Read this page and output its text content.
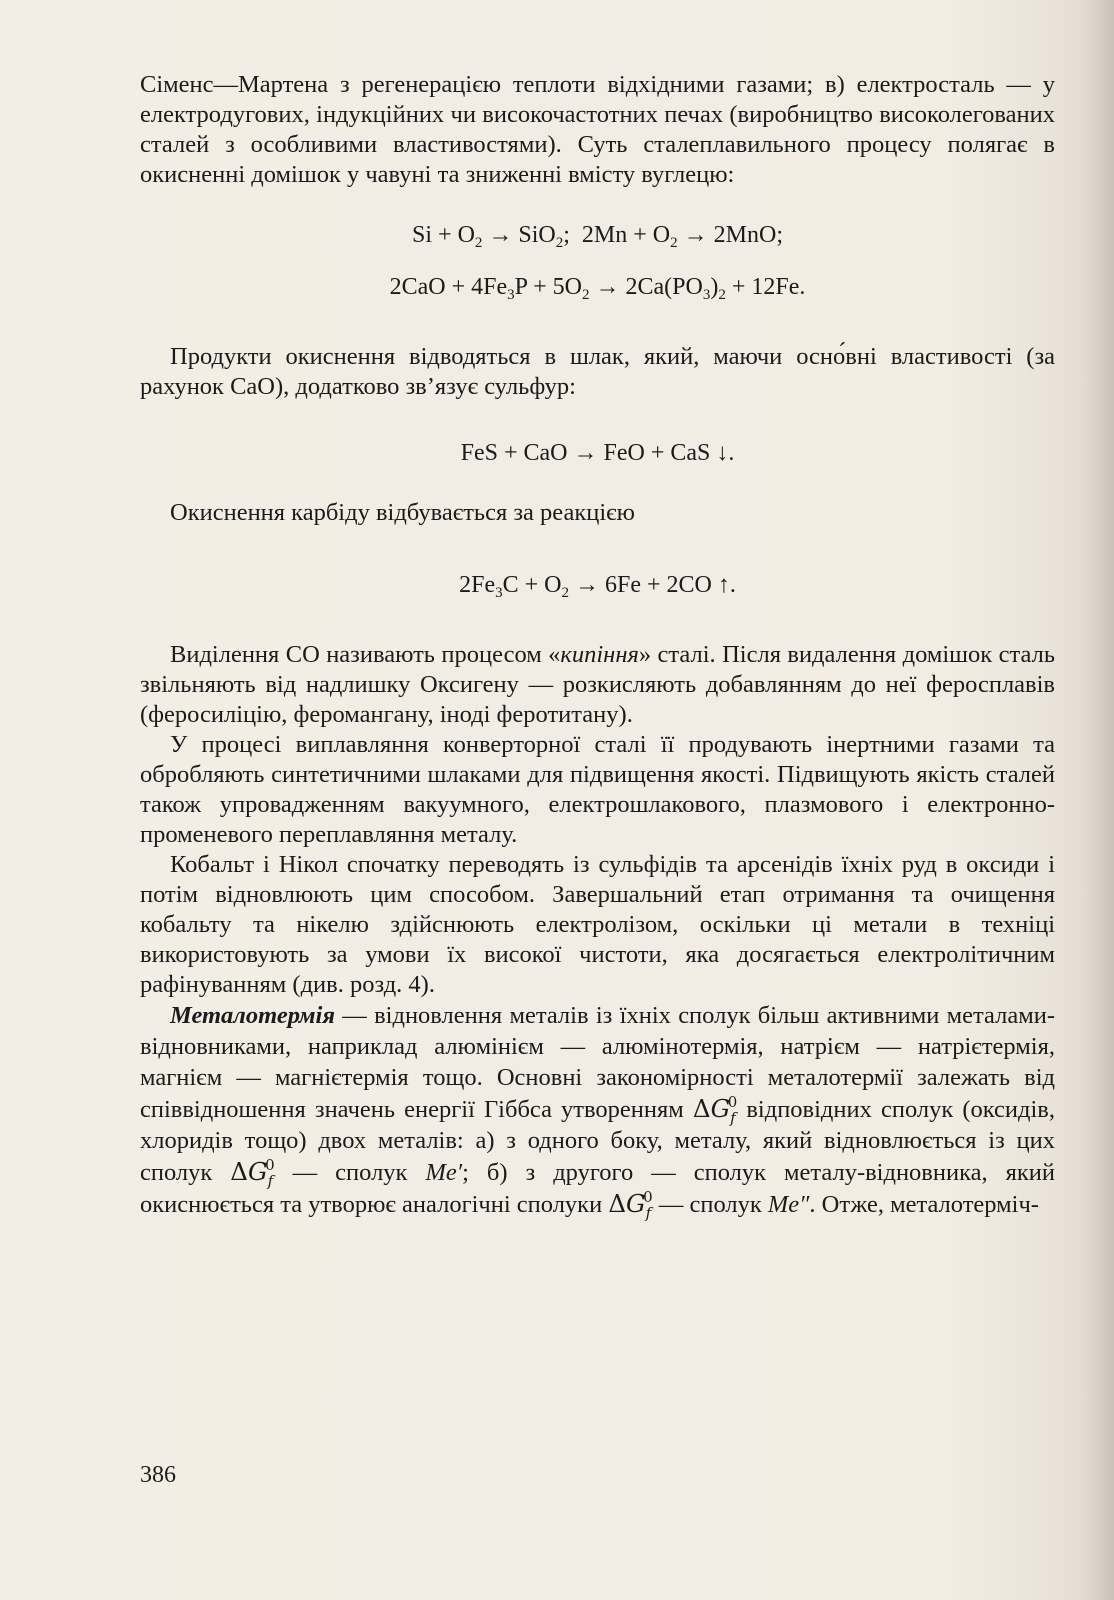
Сіменс—Мартена з регенерацією теплоти відхідними газами; в) електросталь — у електродугових, індукційних чи високочастотних печах (виробництво високолегованих сталей з особливими властивостями). Суть сталеплавильного процесу полягає в окисненні домішок у чавуні та зниженні вмісту вуглецю:

$Si + O_2 \to SiO_2$;  $2Mn + O_2 \to 2MnO$;
$2CaO + 4Fe_3P + 5O_2 \to 2Ca(PO_3)_2 + 12Fe$.

Продукти окиснення відводяться в шлак, який, маючи осно́вні властивості (за рахунок CaO), додатково зв’язує сульфур:

FeS + CaO → FeO + CaS ↓.

Окиснення карбіду відбувається за реакцією

$2Fe_3C + O_2 \to 6Fe + 2CO$ ↑.

Виділення CO називають процесом «кипіння» сталі. Після видалення домішок сталь звільняють від надлишку Оксигену — розкисляють добавлянням до неї феросплавів (феросиліцію, феромангану, іноді феротитану).

У процесі виплавляння конверторної сталі її продувають інертними газами та обробляють синтетичними шлаками для підвищення якості. Підвищують якість сталей також упровадженням вакуумного, електрошлакового, плазмового і електронно-променевого переплавляння металу.

Кобальт і Нікол спочатку переводять із сульфідів та арсенідів їхніх руд в оксиди і потім відновлюють цим способом. Завершальний етап отримання та очищення кобальту та нікелю здійснюють електролізом, оскільки ці метали в техніці використовують за умови їх високої чистоти, яка досягається електролітичним рафінуванням (див. розд. 4).

Металотермія — відновлення металів із їхніх сполук більш активними металами-відновниками, наприклад алюмінієм — алюмінотермія, натрієм — натрієтермія, магнієм — магнієтермія тощо. Основні закономірності металотермії залежать від співвідношення значень енергії Гіббса утворенням $\Delta G_f^0$ відповідних сполук (оксидів, хлоридів тощо) двох металів: а) з одного боку, металу, який відновлюється із цих сполук $\Delta G_f^0$ — сполук Me′; б) з другого — сполук металу-відновника, який окиснюється та утворює аналогічні сполуки $\Delta G_f^0$ — сполук Me″. Отже, металотерміч-

386
